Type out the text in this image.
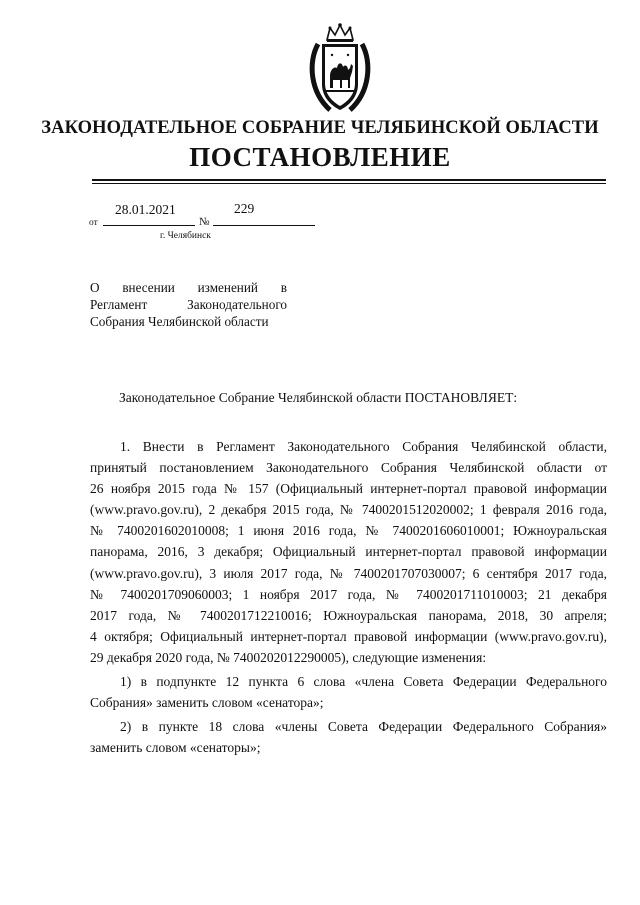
ЗАКОНОДАТЕЛЬНОЕ СОБРАНИЕ ЧЕЛЯБИНСКОЙ ОБЛАСТИ
ПОСТАНОВЛЕНИЕ
от
28.01.2021
№
229
г. Челябинск
О внесении изменений в
Регламент Законодательного
Собрания Челябинской области
Законодательное Собрание Челябинской области ПОСТАНОВЛЯЕТ:

1. Внести в Регламент Законодательного Собрания Челябинской области,
принятый постановлением Законодательного Собрания Челябинской области от
26 ноября 2015 года № 157 (Официальный интернет-портал правовой информации
(www.pravo.gov.ru), 2 декабря 2015 года, № 7400201512020002; 1 февраля 2016 года,
№ 7400201602010008; 1 июня 2016 года, № 7400201606010001; Южноуральская
панорама, 2016, 3 декабря; Официальный интернет-портал правовой информации
(www.pravo.gov.ru), 3 июля 2017 года, № 7400201707030007; 6 сентября 2017 года,
№ 7400201709060003; 1 ноября 2017 года, № 7400201711010003; 21 декабря
2017 года, № 7400201712210016; Южноуральская панорама, 2018, 30 апреля;
4 октября; Официальный интернет-портал правовой информации (www.pravo.gov.ru),
29 декабря 2020 года, № 7400202012290005), следующие изменения:

1) в подпункте 12 пункта 6 слова «члена Совета Федерации Федерального
Собрания» заменить словом «сенатора»;

2) в пункте 18 слова «члены Совета Федерации Федерального Собрания»
заменить словом «сенаторы»;
